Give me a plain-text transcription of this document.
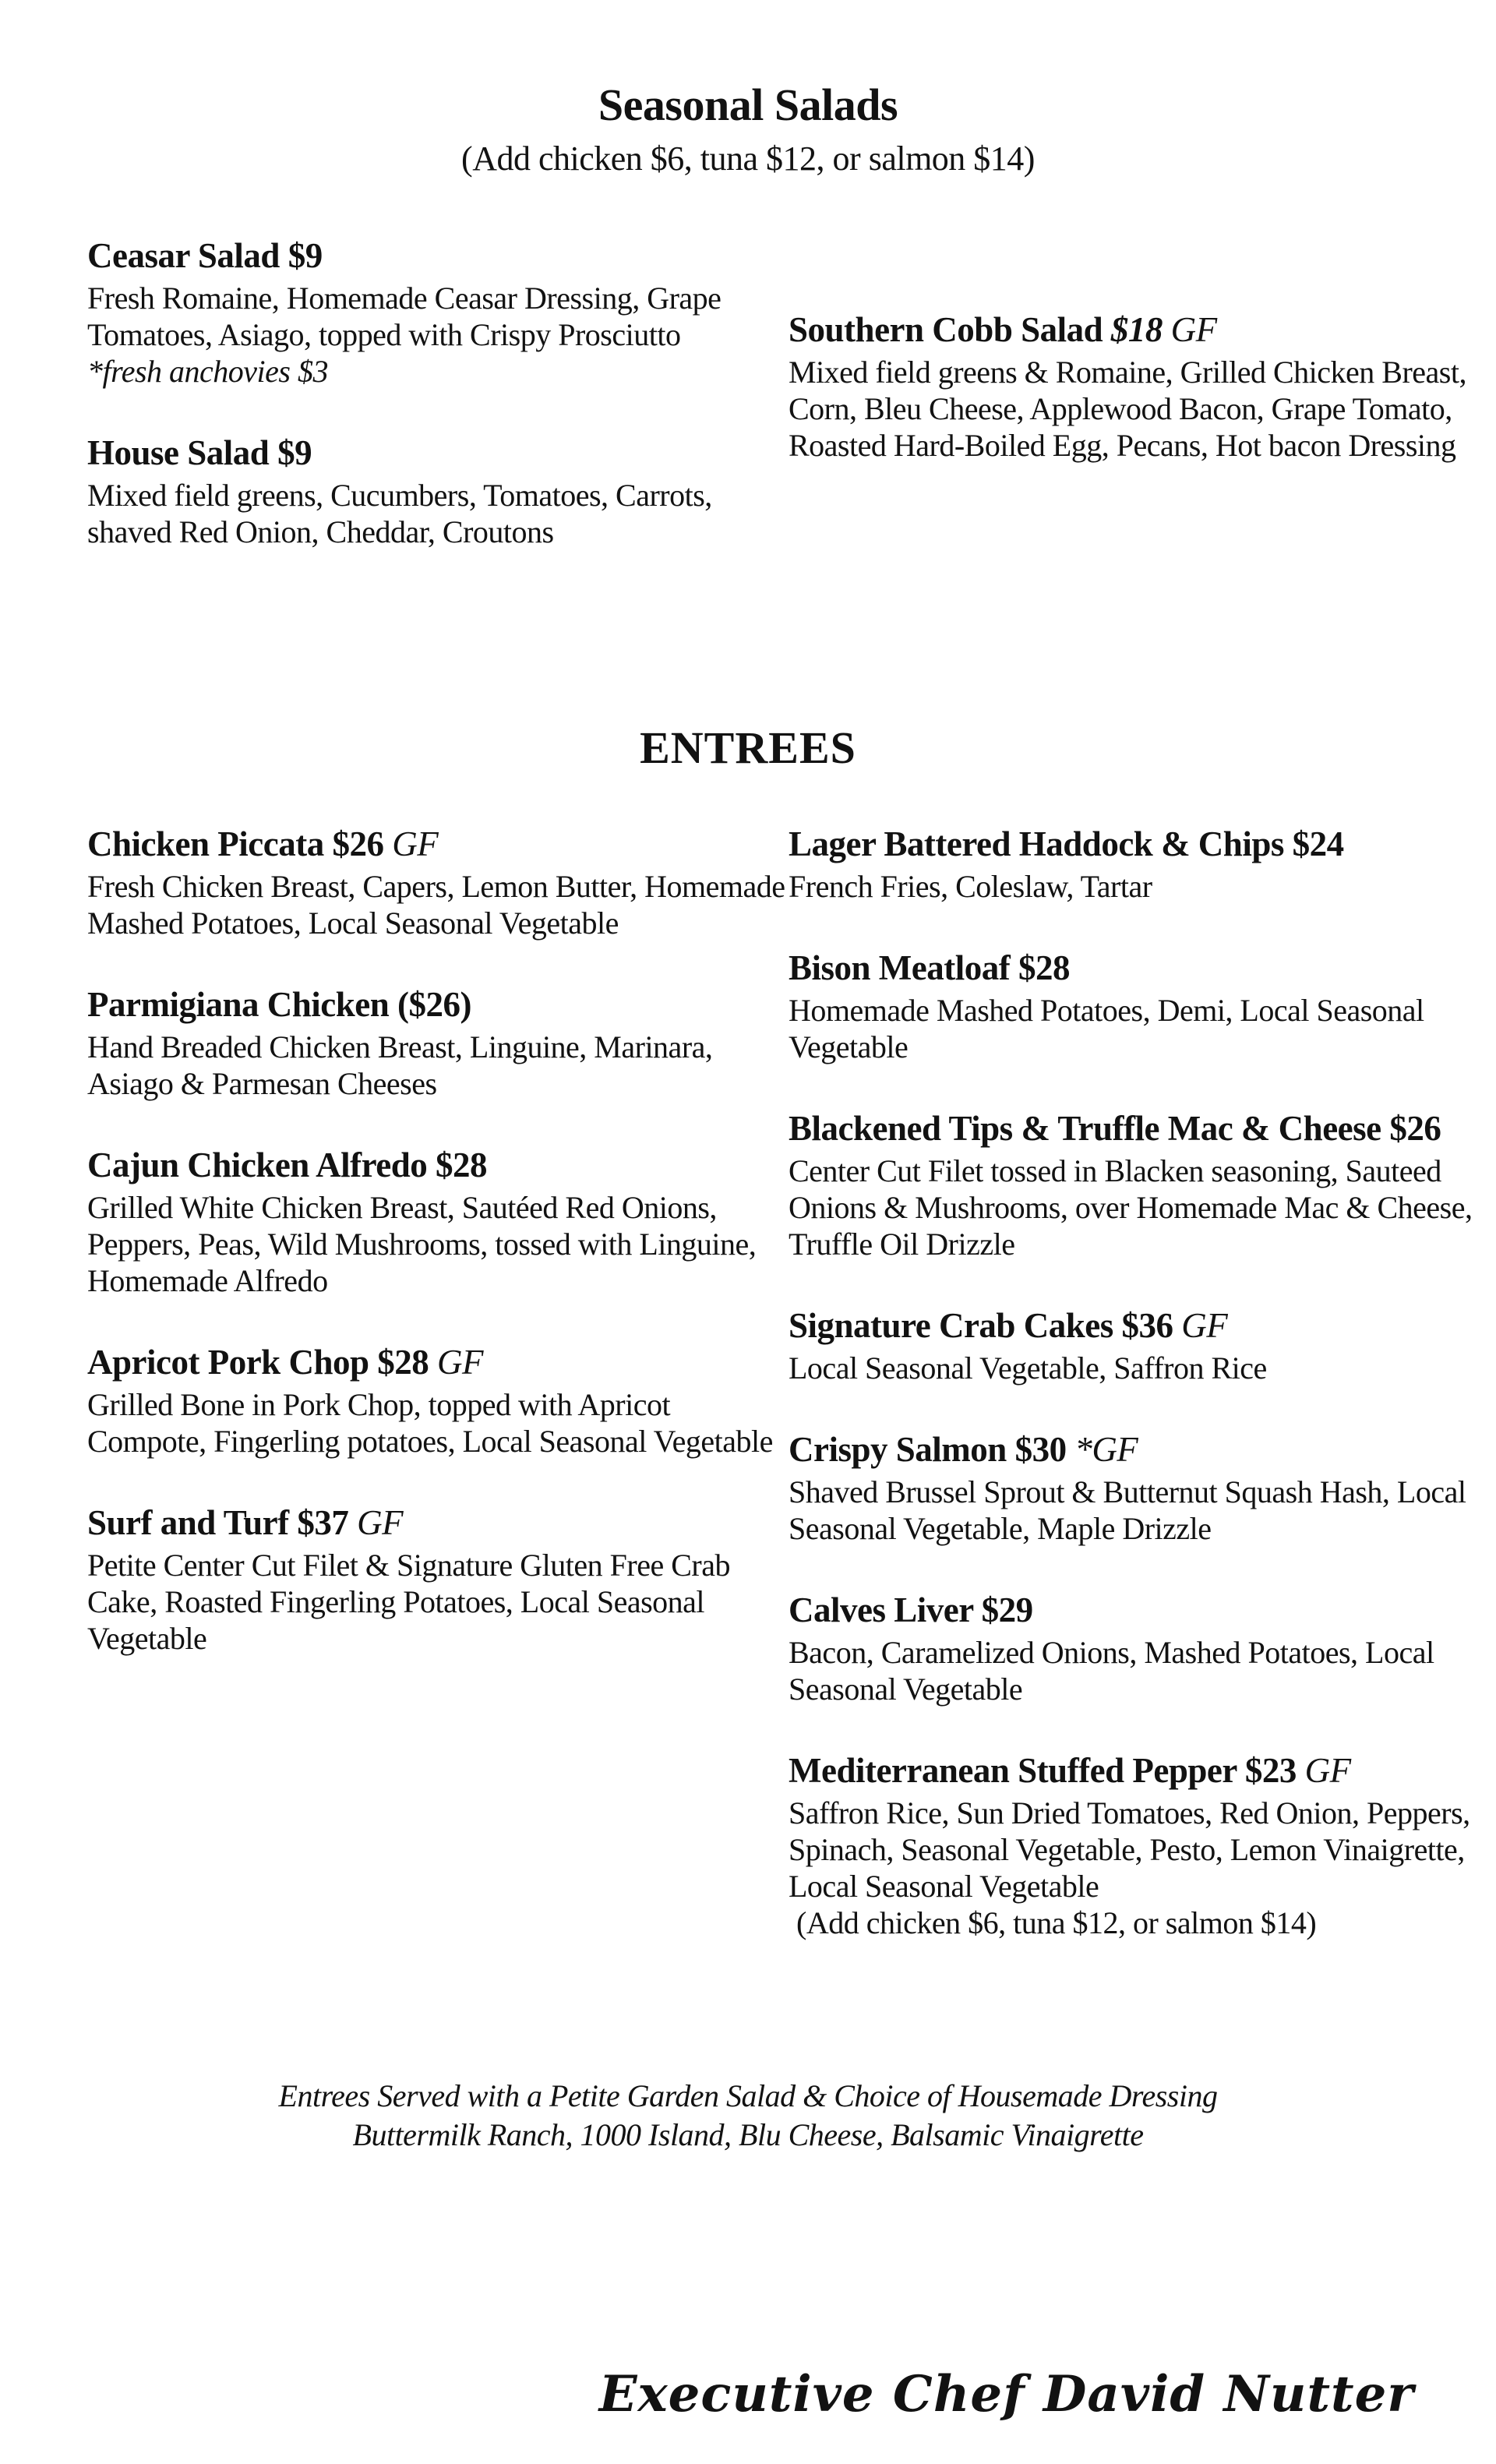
Seasonal Salads

(Add chicken $6, tuna $12, or salmon $14)

Ceasar Salad $9

Fresh Romaine, Homemade Ceasar Dressing, Grape Tomatoes, Asiago, topped with Crispy Prosciutto

*fresh anchovies $3

House Salad $9

Mixed field greens, Cucumbers, Tomatoes, Carrots, shaved Red Onion, Cheddar, Croutons

Southern Cobb Salad $18 GF

Mixed field greens & Romaine, Grilled Chicken Breast, Corn, Bleu Cheese, Applewood Bacon, Grape Tomato, Roasted Hard-Boiled Egg, Pecans, Hot bacon Dressing

ENTREES
Chicken Piccata $26 GF

Fresh Chicken Breast, Capers, Lemon Butter, Homemade Mashed Potatoes, Local Seasonal Vegetable

Parmigiana Chicken ($26)

Hand Breaded Chicken Breast, Linguine, Marinara, Asiago & Parmesan Cheeses

Cajun Chicken Alfredo $28

Grilled White Chicken Breast, Sautéed Red Onions, Peppers, Peas, Wild Mushrooms, tossed with Linguine, Homemade Alfredo

Apricot Pork Chop $28 GF

Grilled Bone in Pork Chop, topped with Apricot Compote, Fingerling potatoes, Local Seasonal Vegetable

Surf and Turf $37 GF

Petite Center Cut Filet & Signature Gluten Free Crab Cake, Roasted Fingerling Potatoes, Local Seasonal Vegetable

Lager Battered Haddock & Chips $24

French Fries, Coleslaw, Tartar

Bison Meatloaf $28

Homemade Mashed Potatoes, Demi, Local Seasonal Vegetable

Blackened Tips & Truffle Mac & Cheese $26

Center Cut Filet tossed in Blacken seasoning, Sauteed Onions & Mushrooms, over Homemade Mac & Cheese, Truffle Oil Drizzle

Signature Crab Cakes $36 GF

Local Seasonal Vegetable, Saffron Rice

Crispy Salmon $30 *GF

Shaved Brussel Sprout & Butternut Squash Hash, Local Seasonal Vegetable, Maple Drizzle

Calves Liver $29

Bacon, Caramelized Onions, Mashed Potatoes, Local Seasonal Vegetable

Mediterranean Stuffed Pepper $23 GF

Saffron Rice, Sun Dried Tomatoes, Red Onion, Peppers, Spinach, Seasonal Vegetable, Pesto, Lemon Vinaigrette, Local Seasonal Vegetable

(Add chicken $6, tuna $12, or salmon $14)

Entrees Served with a Petite Garden Salad & Choice of Housemade Dressing

Buttermilk Ranch, 1000 Island, Blu Cheese, Balsamic Vinaigrette

Executive Chef David Nutter
